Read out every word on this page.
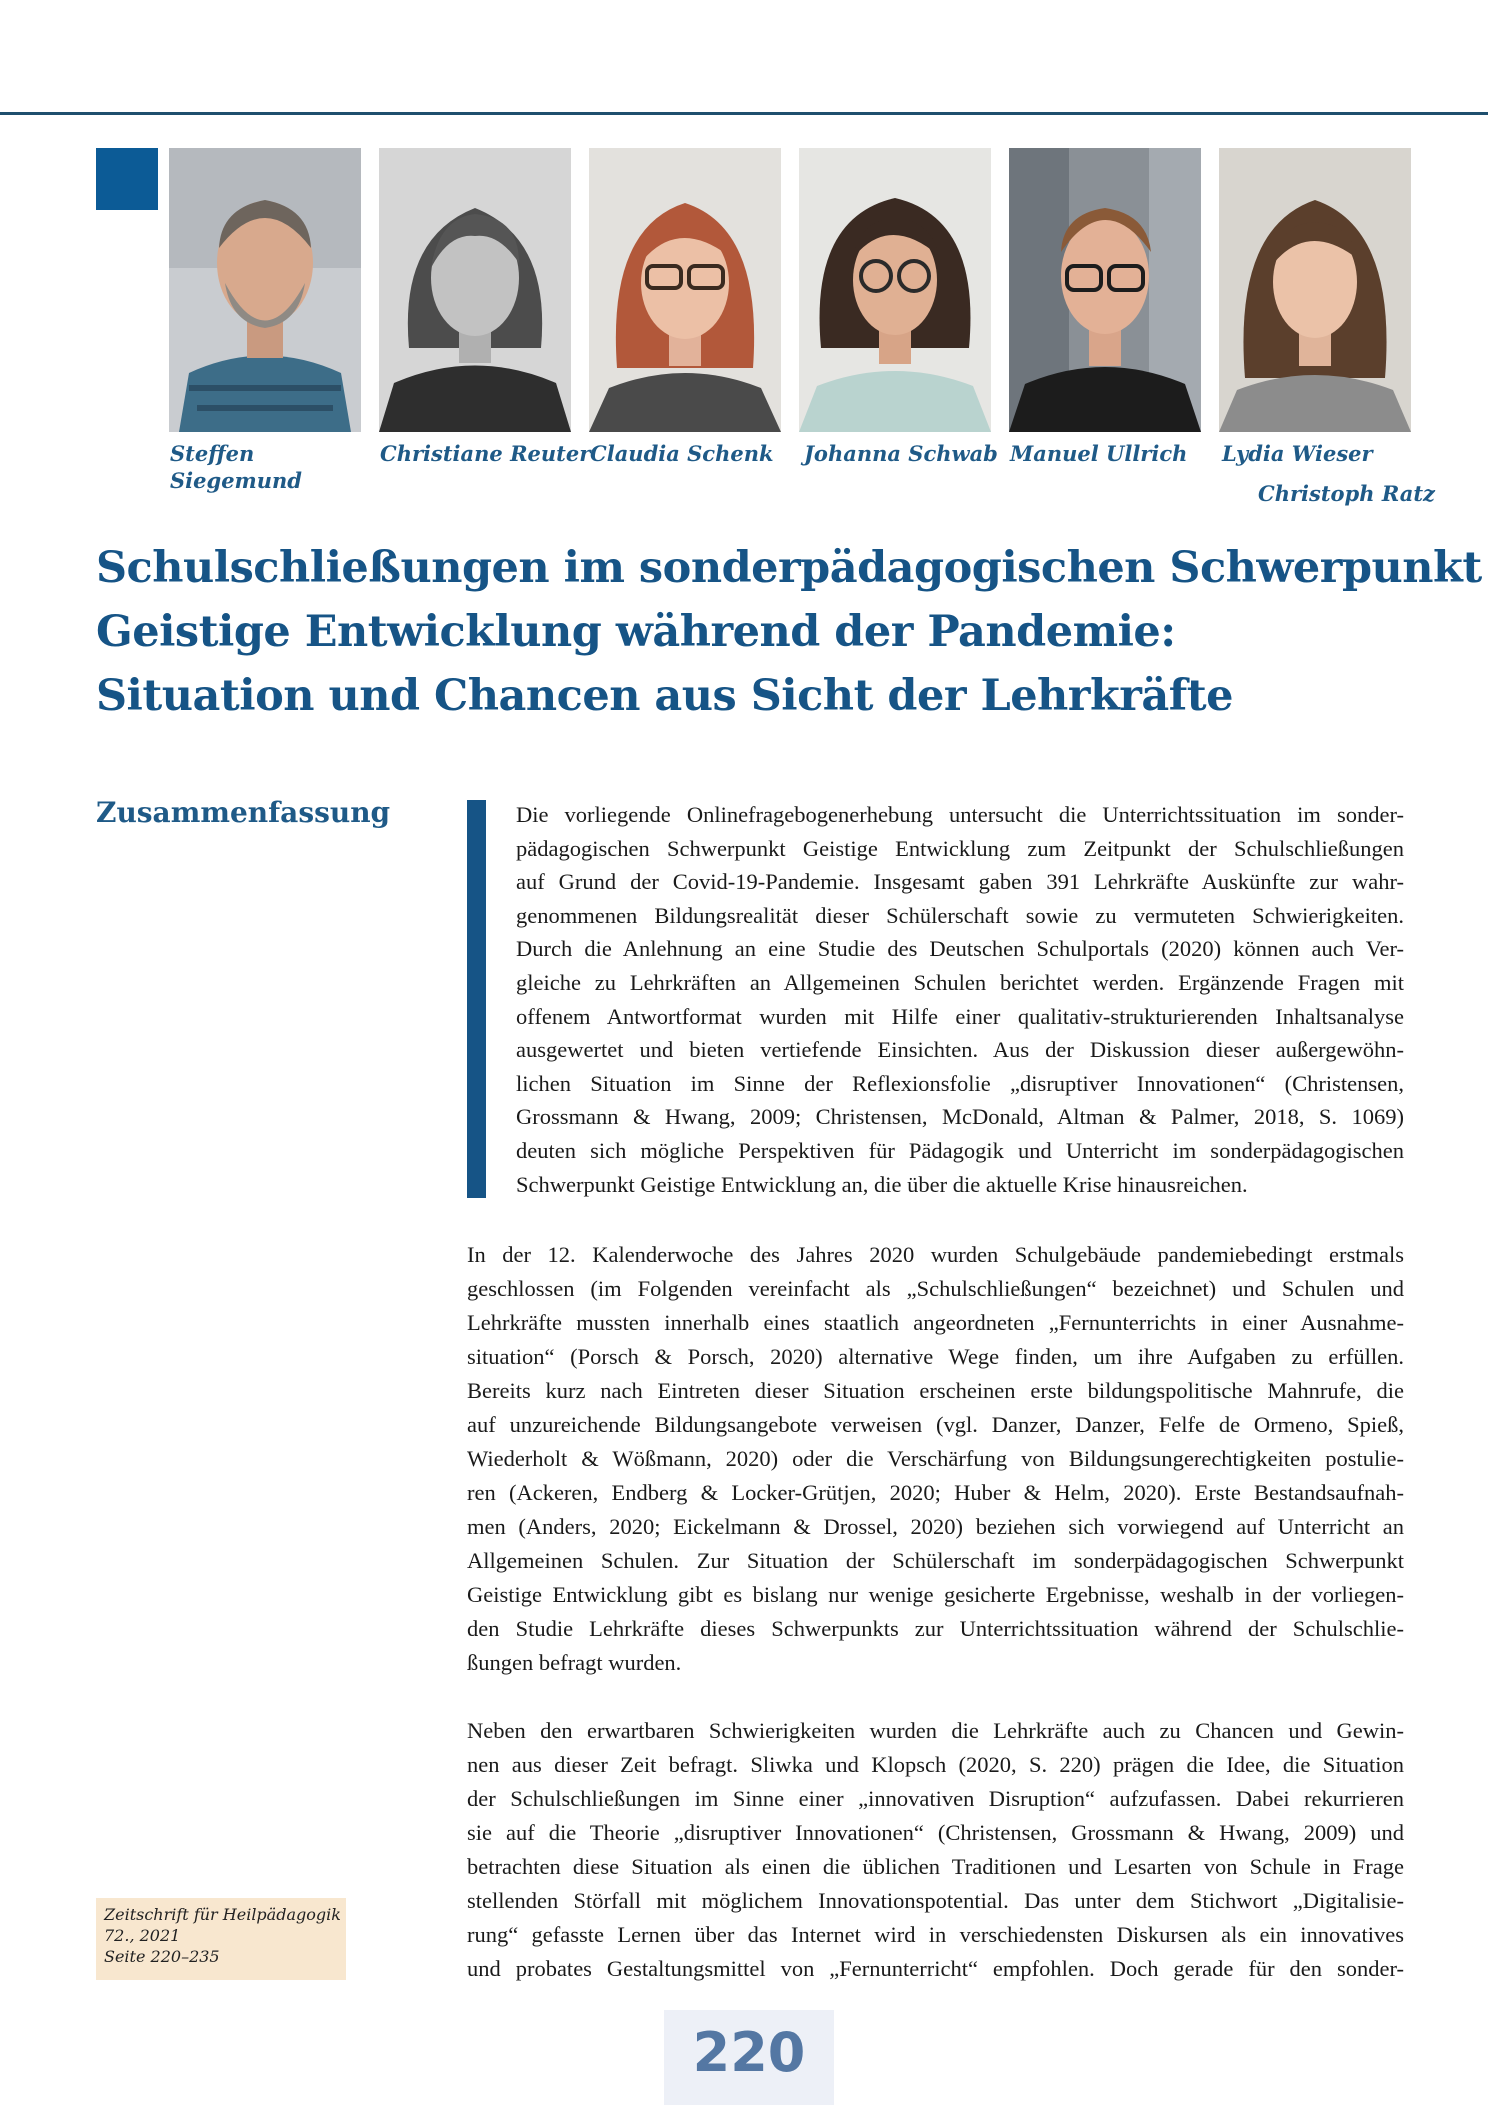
Steffen
Siegemund
Christiane Reuter Claudia Schenk Johanna Schwab Manuel Ullrich Lydia Wieser
Christoph Ratz
Schulschließungen im sonderpädagogischen Schwerpunkt
Geistige Entwicklung während der Pandemie:
Situation und Chancen aus Sicht der Lehrkräfte
Zusammenfassung	Die vorliegende Onlinefragebogenerhebung untersucht die Unterrichtssituation im sonder-
pädagogischen Schwerpunkt Geistige Entwicklung zum Zeitpunkt der Schulschließungen
auf Grund der Covid-19-Pandemie. Insgesamt gaben 391 Lehrkräfte Auskünfte zur wahr-
genommenen Bildungsrealität dieser Schülerschaft sowie zu vermuteten Schwierigkeiten.
Durch die Anlehnung an eine Studie des Deutschen Schulportals (2020) können auch Ver-
gleiche zu Lehrkräften an Allgemeinen Schulen berichtet werden. Ergänzende Fragen mit
offenem Antwortformat wurden mit Hilfe einer qualitativ-strukturierenden Inhaltsanalyse
ausgewertet und bieten vertiefende Einsichten. Aus der Diskussion dieser außergewöhn-
lichen Situation im Sinne der Reflexionsfolie „disruptiver Innovationen“ (Christensen,
Grossmann & Hwang, 2009; Christensen, McDonald, Altman & Palmer, 2018, S. 1069)
deuten sich mögliche Perspektiven für Pädagogik und Unterricht im sonderpädagogischen
Schwerpunkt Geistige Entwicklung an, die über die aktuelle Krise hinausreichen.
In der 12. Kalenderwoche des Jahres 2020 wurden Schulgebäude pandemiebedingt erstmals
geschlossen (im Folgenden vereinfacht als „Schulschließungen“ bezeichnet) und Schulen und
Lehrkräfte mussten innerhalb eines staatlich angeordneten „Fernunterrichts in einer Ausnahme-
situation“ (Porsch & Porsch, 2020) alternative Wege finden, um ihre Aufgaben zu erfüllen.
Bereits kurz nach Eintreten dieser Situation erscheinen erste bildungspolitische Mahnrufe, die
auf unzureichende Bildungsangebote verweisen (vgl. Danzer, Danzer, Felfe de Ormeno, Spieß,
Wiederholt & Wößmann, 2020) oder die Verschärfung von Bildungsungerechtigkeiten postulie-
ren (Ackeren, Endberg & Locker-Grütjen, 2020; Huber & Helm, 2020). Erste Bestandsaufnah-
men (Anders, 2020; Eickelmann & Drossel, 2020) beziehen sich vorwiegend auf Unterricht an
Allgemeinen Schulen. Zur Situation der Schülerschaft im sonderpädagogischen Schwerpunkt
Geistige Entwicklung gibt es bislang nur wenige gesicherte Ergebnisse, weshalb in der vorliegen-
den Studie Lehrkräfte dieses Schwerpunkts zur Unterrichtssituation während der Schulschlie-
ßungen befragt wurden.
Neben den erwartbaren Schwierigkeiten wurden die Lehrkräfte auch zu Chancen und Gewin-
nen aus dieser Zeit befragt. Sliwka und Klopsch (2020, S. 220) prägen die Idee, die Situation
der Schulschließungen im Sinne einer „innovativen Disruption“ aufzufassen. Dabei rekurrieren
sie auf die Theorie „disruptiver Innovationen“ (Christensen, Grossmann & Hwang, 2009) und
betrachten diese Situation als einen die üblichen Traditionen und Lesarten von Schule in Frage
stellenden Störfall mit möglichem Innovationspotential. Das unter dem Stichwort „Digitalisie-
rung“ gefasste Lernen über das Internet wird in verschiedensten Diskursen als ein innovatives
und probates Gestaltungsmittel von „Fernunterricht“ empfohlen. Doch gerade für den sonder-
Zeitschrift für Heilpädagogik
72., 2021
Seite 220–235
220
